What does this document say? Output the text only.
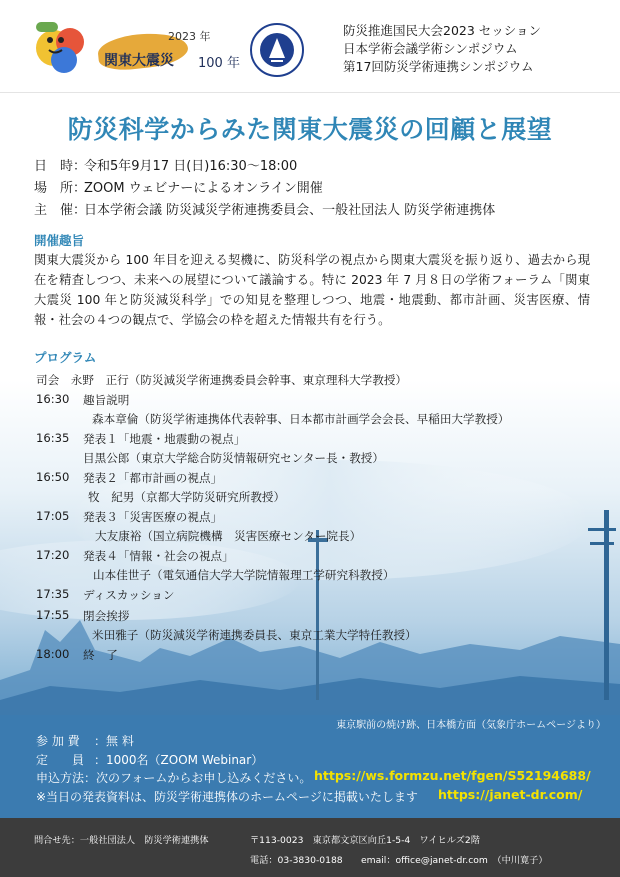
2023 年
関東大震災 100 年
防災推進国民大会2023 セッション
日本学術会議学術シンポジウム
第17回防災学術連携シンポジウム
防災科学からみた関東大震災の回顧と展望
日　時：令和5年9月17 日(日)16:30～18:00
場　所：ZOOM ウェビナーによるオンライン開催
主　催：日本学術会議 防災減災学術連携委員会、一般社団法人 防災学術連携体
開催趣旨
関東大震災から 100 年目を迎える契機に、防災科学の視点から関東大震災を振り返り、過去から現在を精査しつつ、未来への展望について議論する。特に 2023 年 7 月８日の学術フォーラム「関東大震災 100 年と防災減災科学」での知見を整理しつつ、地震・地震動、都市計画、災害医療、情報・社会の４つの観点で、学協会の枠を超えた情報共有を行う。
プログラム
司会　永野　正行（防災減災学術連携委員会幹事、東京理科大学教授）
16:30 趣旨説明
森本章倫（防災学術連携体代表幹事、日本都市計画学会会長、早稲田大学教授）
16:35 発表１「地震・地震動の視点」
目黒公郎（東京大学総合防災情報研究センター長・教授）
16:50 発表２「都市計画の視点」
牧　紀男（京都大学防災研究所教授）
17:05 発表３「災害医療の視点」
大友康裕（国立病院機構　災害医療センター院長）
17:20 発表４「情報・社会の視点」
山本佳世子（電気通信大学大学院情報理工学研究科教授）
17:35 ディスカッション
17:55 閉会挨拶
米田雅子（防災減災学術連携委員長、東京工業大学特任教授）
18:00 終　了
東京駅前の焼け跡、日本橋方面（気象庁ホームページより）
参 加 費 ：無 料
定　　員 ：1000名（ZOOM Webinar）
申込方法：次のフォームからお申し込みください。
※当日の発表資料は、防災学術連携体のホームページに掲載いたします
https://ws.formzu.net/fgen/S52194688/
https://janet-dr.com/
問合せ先：一般社団法人　防災学術連携体	〒113-0023　東京都文京区向丘1-5-4　ワイヒルズ2階
電話：03-3830-0188　　email：office@janet-dr.com　（中川寛子）
